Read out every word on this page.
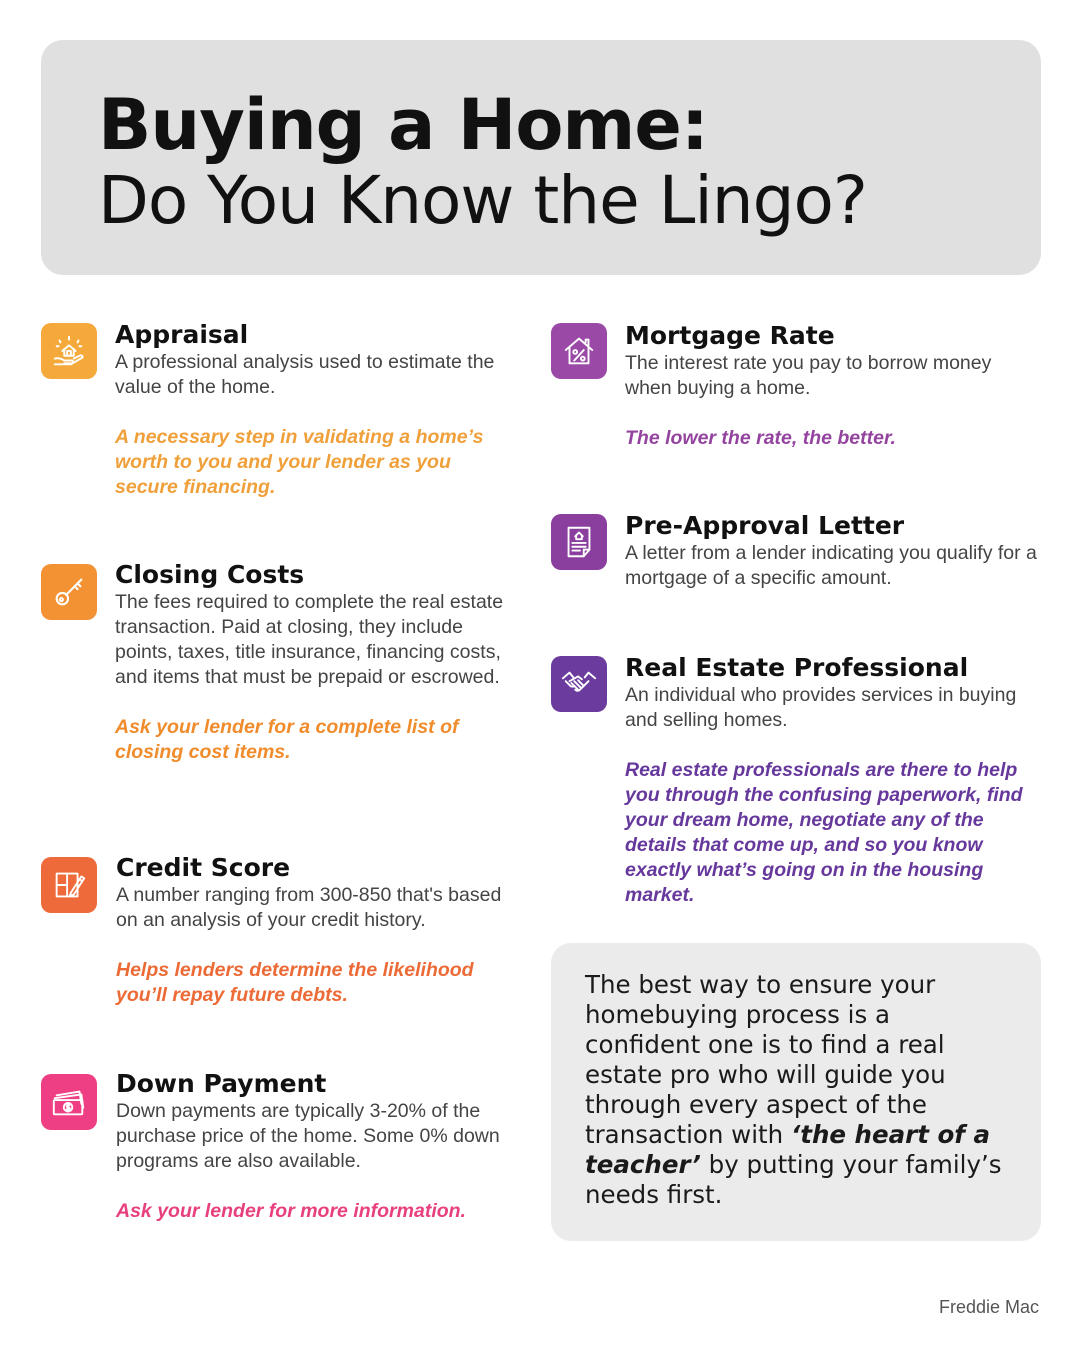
Buying a Home:
Do You Know the Lingo?
Appraisal
A professional analysis used to estimate the value of the home.
A necessary step in validating a home’s worth to you and your lender as you secure financing.
Closing Costs
The fees required to complete the real estate transaction. Paid at closing, they include points, taxes, title insurance, financing costs, and items that must be prepaid or escrowed.
Ask your lender for a complete list of closing cost items.
Credit Score
A number ranging from 300-850 that's based on an analysis of your credit history.
Helps lenders determine the likelihood you’ll repay future debts.
Down Payment
Down payments are typically 3-20% of the purchase price of the home. Some 0% down programs are also available.
Ask your lender for more information.
Mortgage Rate
The interest rate you pay to borrow money when buying a home.
The lower the rate, the better.
Pre-Approval Letter
A letter from a lender indicating you qualify for a mortgage of a specific amount.
Real Estate Professional
An individual who provides services in buying and selling homes.
Real estate professionals are there to help you through the confusing paperwork, find your dream home, negotiate any of the details that come up, and so you know exactly what’s going on in the housing market.
The best way to ensure your homebuying process is a confident one is to find a real estate pro who will guide you through every aspect of the transaction with ‘the heart of a teacher’ by putting your family’s needs first.
Freddie Mac
